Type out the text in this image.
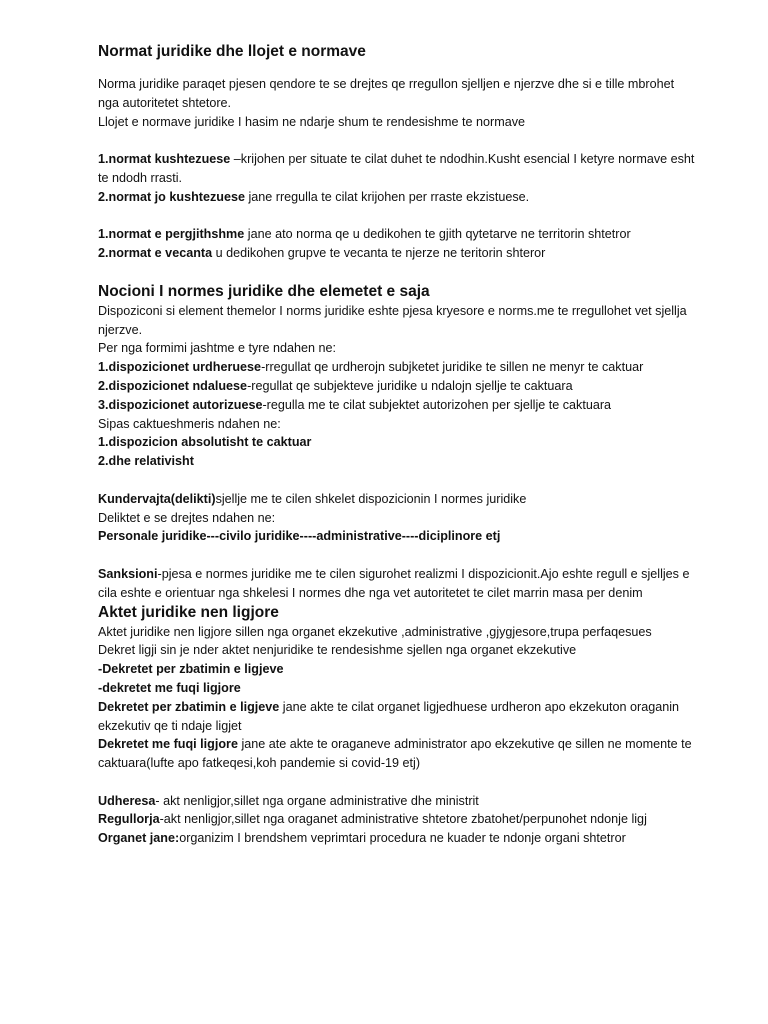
Normat juridike dhe llojet e normave

Norma juridike paraqet pjesen qendore te se drejtes qe rregullon sjelljen e njerzve dhe si e tille mbrohet nga autoritetet shtetore.

Llojet e normave juridike I hasim ne ndarje shum te rendesishme te normave

1.normat kushtezuese –krijohen per situate te cilat duhet te ndodhin.Kusht esencial I ketyre normave esht te ndodh rrasti.

2.normat jo kushtezuese jane rregulla te cilat krijohen per rraste ekzistuese.

1.normat e pergjithshme jane ato norma qe u dedikohen te gjith qytetarve ne territorin shtetror

2.normat e vecanta u dedikohen grupve te vecanta te njerze ne teritorin shteror

Nocioni I normes juridike dhe elemetet e saja

Dispoziconi si element themelor I norms juridike eshte pjesa kryesore e norms.me te rregullohet vet sjellja njerzve.

Per nga formimi jashtme e tyre ndahen ne:

1.dispozicionet urdheruese-rregullat qe urdherojn subjketet juridike te sillen ne menyr te caktuar

2.dispozicionet ndaluese-regullat qe subjekteve juridike u ndalojn sjellje te caktuara

3.dispozicionet autorizuese-regulla me te cilat subjektet autorizohen per sjellje te caktuara

Sipas caktueshmeris ndahen ne:

1.dispozicion absolutisht te caktuar

2.dhe relativisht

Kundervajta(delikti)sjellje me te cilen shkelet dispozicionin I normes juridike

Deliktet e se drejtes ndahen ne:

Personale juridike---civilo juridike----administrative----diciplinore etj

Sanksioni-pjesa e normes juridike me te cilen sigurohet realizmi I dispozicionit.Ajo eshte regull e sjelljes e cila eshte e orientuar nga shkelesi I normes dhe nga vet autoritetet te cilet marrin masa per denim

Aktet juridike nen ligjore

Aktet juridike nen ligjore sillen nga organet ekzekutive ,administrative ,gjygjesore,trupa perfaqesues

Dekret ligji sin je nder aktet nenjuridike te rendesishme sjellen nga organet ekzekutive

-Dekretet per zbatimin e ligjeve

-dekretet me fuqi ligjore

Dekretet per zbatimin e ligjeve jane akte te cilat organet ligjedhuese urdheron apo ekzekuton oraganin ekzekutiv qe ti ndaje ligjet

Dekretet me fuqi ligjore jane ate akte te oraganeve administrator apo ekzekutive qe sillen ne momente te caktuara(lufte apo fatkeqesi,koh pandemie si covid-19 etj)

Udheresa- akt nenligjor,sillet nga organe administrative dhe ministrit

Regullorja-akt nenligjor,sillet nga oraganet administrative shtetore zbatohet/perpunohet ndonje ligj

Organet jane:organizim I brendshem veprimtari procedura ne kuader te ndonje organi shtetror
